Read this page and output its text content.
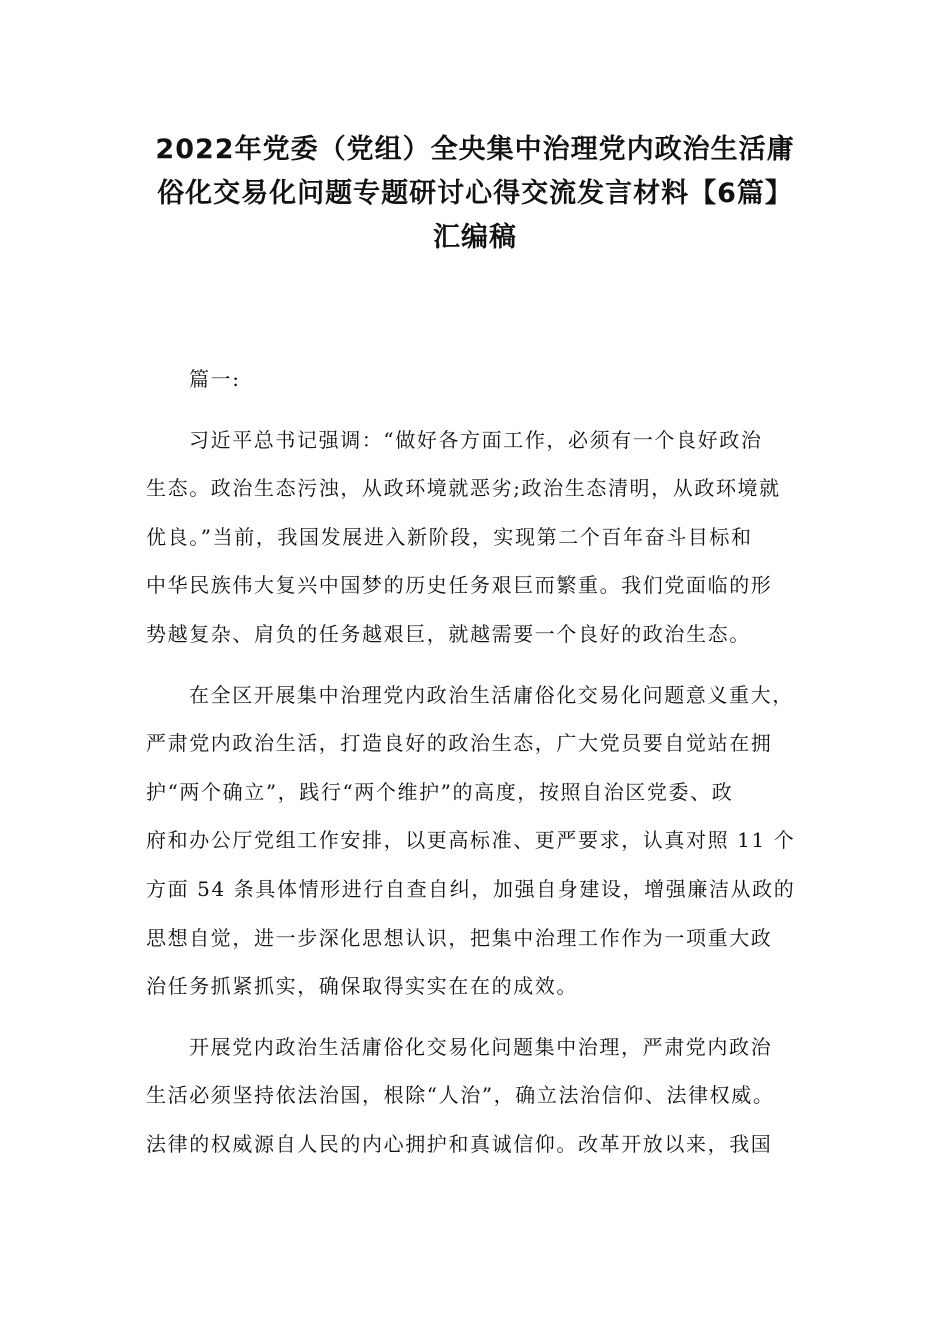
2022年党委（党组）全央集中治理党内政治生活庸
俗化交易化问题专题研讨心得交流发言材料【6篇】
汇编稿

篇一:

习近平总书记强调：“做好各方面工作，必须有一个良好政治
生态。政治生态污浊，从政环境就恶劣;政治生态清明，从政环境就
优良。”当前，我国发展进入新阶段，实现第二个百年奋斗目标和
中华民族伟大复兴中国梦的历史任务艰巨而繁重。我们党面临的形
势越复杂、肩负的任务越艰巨，就越需要一个良好的政治生态。

在全区开展集中治理党内政治生活庸俗化交易化问题意义重大，
严肃党内政治生活，打造良好的政治生态，广大党员要自觉站在拥
护“两个确立”，践行“两个维护”的高度，按照自治区党委、政
府和办公厅党组工作安排，以更高标准、更严要求，认真对照 11 个
方面 54 条具体情形进行自查自纠，加强自身建设，增强廉洁从政的
思想自觉，进一步深化思想认识，把集中治理工作作为一项重大政
治任务抓紧抓实，确保取得实实在在的成效。

开展党内政治生活庸俗化交易化问题集中治理，严肃党内政治
生活必须坚持依法治国，根除“人治”，确立法治信仰、法律权威。
法律的权威源自人民的内心拥护和真诚信仰。改革开放以来，我国
